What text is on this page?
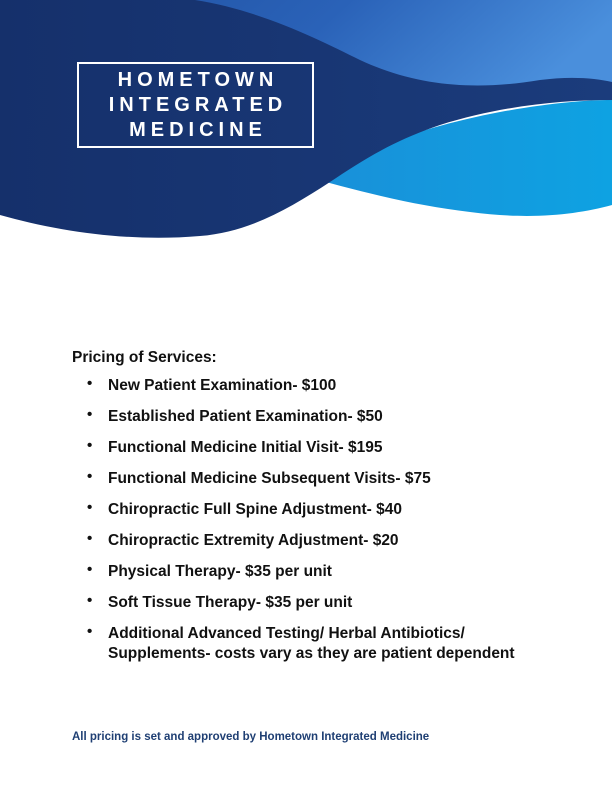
HOMETOWN
INTEGRATED
MEDICINE
Pricing of Services:
• New Patient Examination- $100
• Established Patient Examination- $50
• Functional Medicine Initial Visit- $195
• Functional Medicine Subsequent Visits- $75
• Chiropractic Full Spine Adjustment- $40
• Chiropractic Extremity Adjustment- $20
• Physical Therapy- $35 per unit
• Soft Tissue Therapy- $35 per unit
• Additional Advanced Testing/ Herbal Antibiotics/
Supplements- costs vary as they are patient dependent
All pricing is set and approved by Hometown Integrated Medicine
